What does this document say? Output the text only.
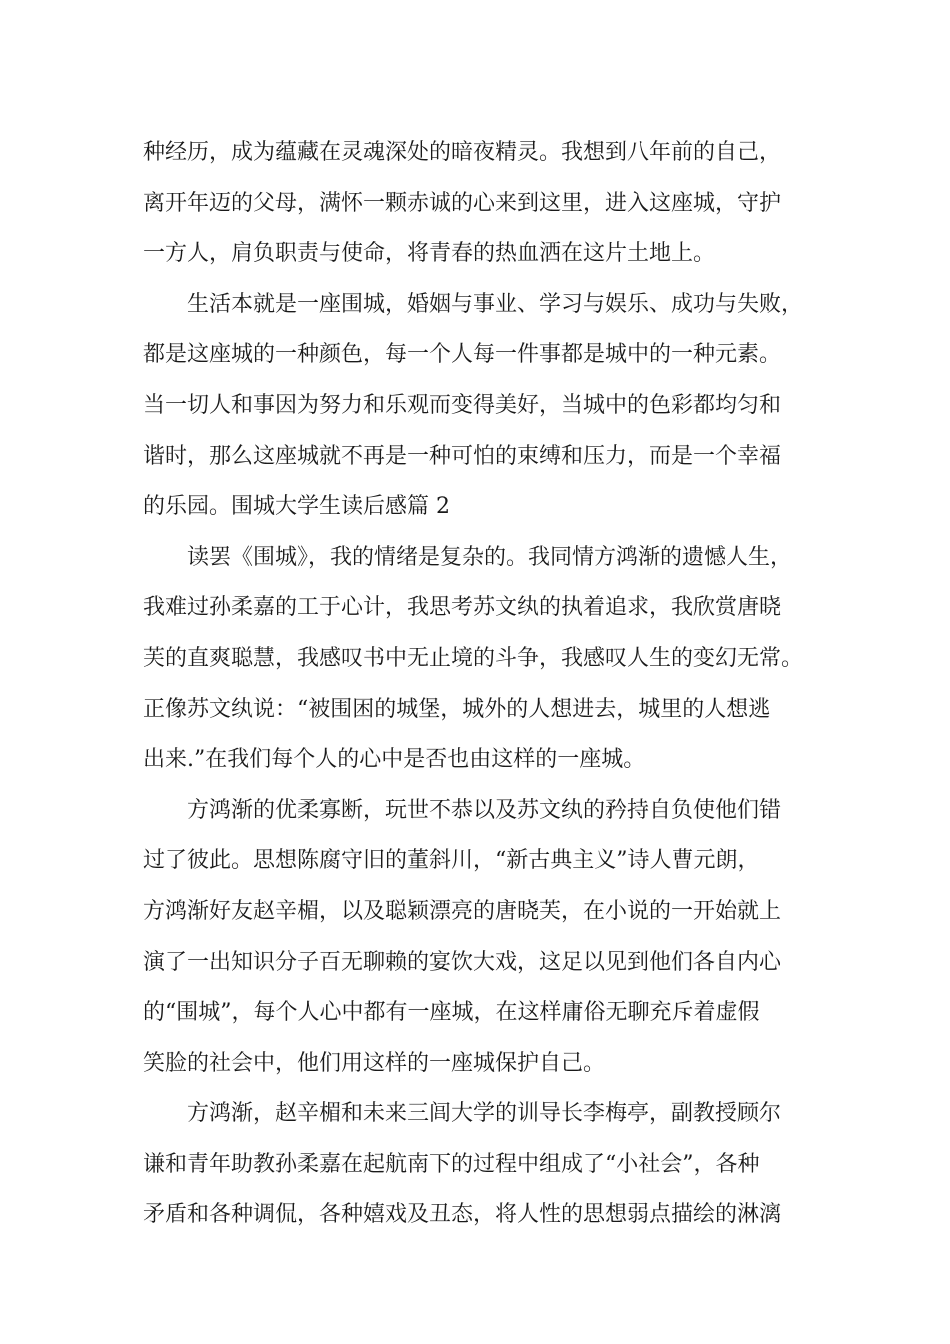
种经历，成为蕴藏在灵魂深处的暗夜精灵。我想到八年前的自己，
离开年迈的父母，满怀一颗赤诚的心来到这里，进入这座城，守护
一方人，肩负职责与使命，将青春的热血洒在这片土地上。
生活本就是一座围城，婚姻与事业、学习与娱乐、成功与失败，
都是这座城的一种颜色，每一个人每一件事都是城中的一种元素。
当一切人和事因为努力和乐观而变得美好，当城中的色彩都均匀和
谐时，那么这座城就不再是一种可怕的束缚和压力，而是一个幸福
的乐园。围城大学生读后感篇 2
读罢《围城》，我的情绪是复杂的。我同情方鸿渐的遗憾人生，
我难过孙柔嘉的工于心计，我思考苏文纨的执着追求，我欣赏唐晓
芙的直爽聪慧，我感叹书中无止境的斗争，我感叹人生的变幻无常。
正像苏文纨说：“被围困的城堡，城外的人想进去，城里的人想逃
出来.”在我们每个人的心中是否也由这样的一座城。
方鸿渐的优柔寡断，玩世不恭以及苏文纨的矜持自负使他们错
过了彼此。思想陈腐守旧的董斜川，“新古典主义”诗人曹元朗，
方鸿渐好友赵辛楣，以及聪颖漂亮的唐晓芙，在小说的一开始就上
演了一出知识分子百无聊赖的宴饮大戏，这足以见到他们各自内心
的“围城”，每个人心中都有一座城，在这样庸俗无聊充斥着虚假
笑脸的社会中，他们用这样的一座城保护自己。
方鸿渐，赵辛楣和未来三闾大学的训导长李梅亭，副教授顾尔
谦和青年助教孙柔嘉在起航南下的过程中组成了“小社会”，各种
矛盾和各种调侃，各种嬉戏及丑态，将人性的思想弱点描绘的淋漓
